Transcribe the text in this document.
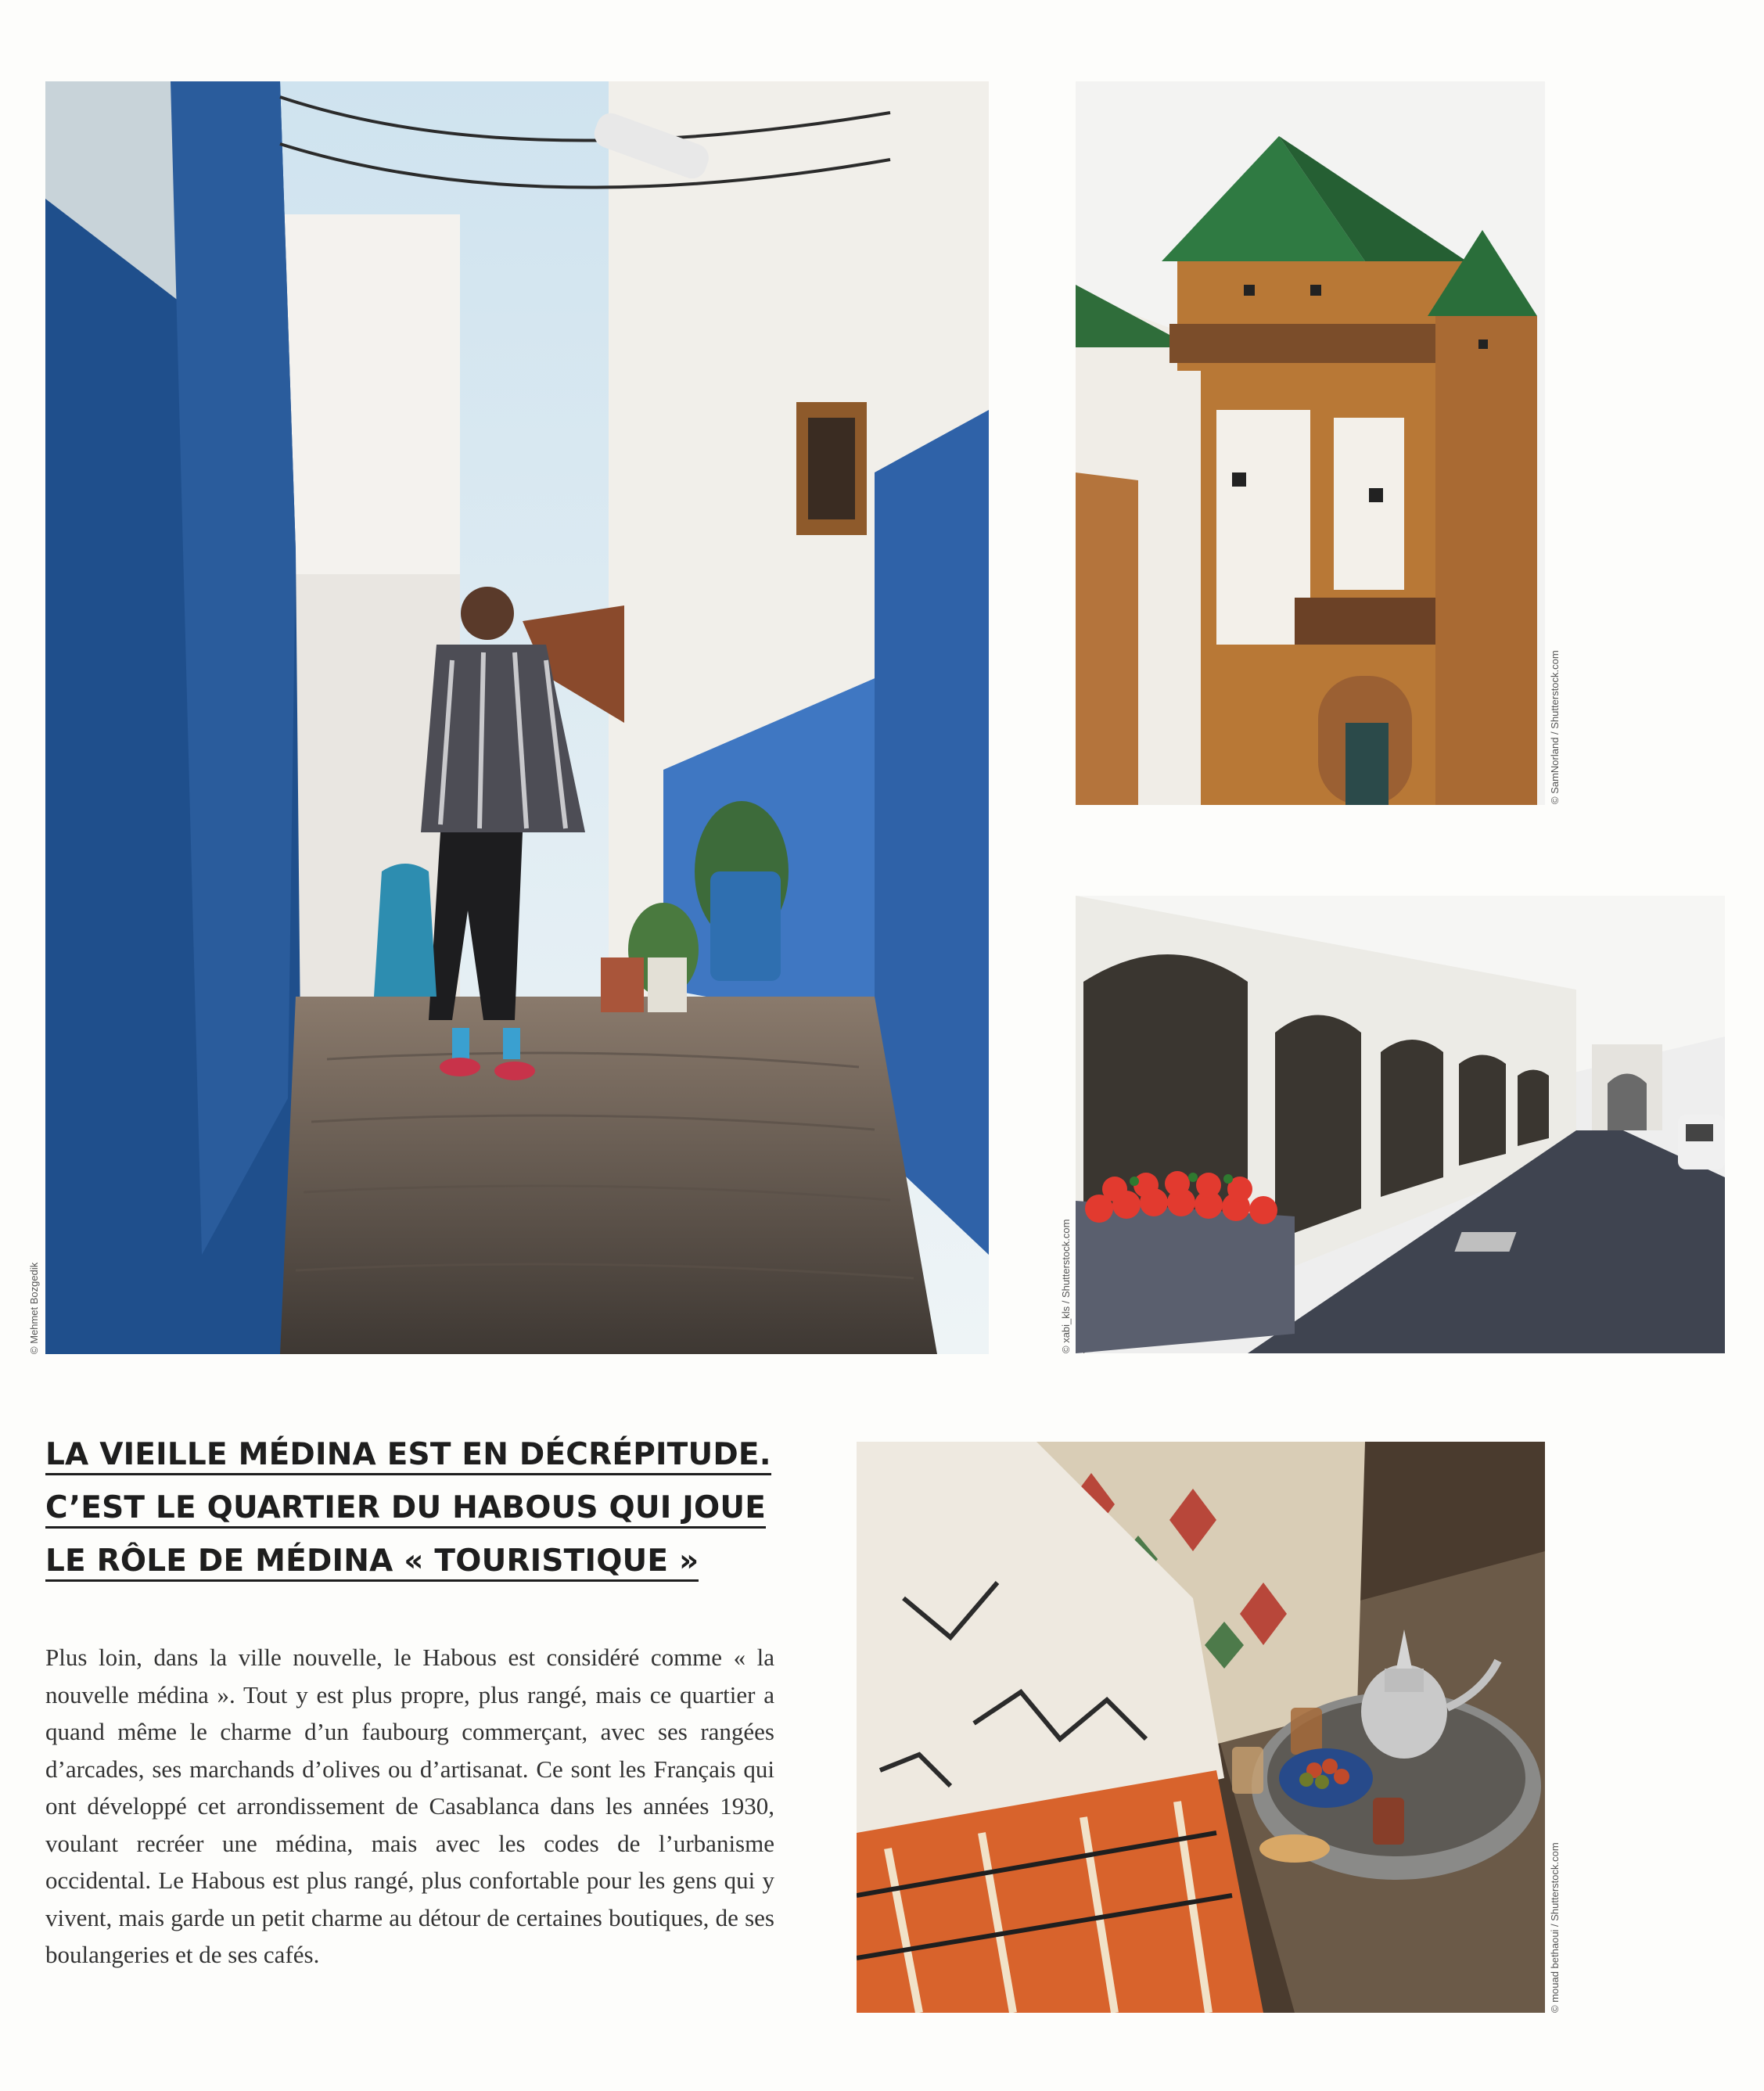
© Mehmet Bozgedik
© SamNorland / Shutterstock.com
© xabi_kls / Shutterstock.com
LA VIEILLE MÉDINA EST EN DÉCRÉPITUDE.
C’EST LE QUARTIER DU HABOUS QUI JOUE
LE RÔLE DE MÉDINA « TOURISTIQUE »

Plus loin, dans la ville nouvelle, le Habous est considéré comme « la nouvelle médina ». Tout y est plus propre, plus rangé, mais ce quartier a quand même le charme d’un faubourg commerçant, avec ses rangées d’arcades, ses marchands d’olives ou d’artisanat. Ce sont les Français qui ont développé cet arrondissement de Casablanca dans les années 1930, voulant recréer une médina, mais avec les codes de l’urbanisme occidental. Le Habous est plus rangé, plus confortable pour les gens qui y vivent, mais garde un petit charme au détour de certaines boutiques, de ses boulangeries et de ses cafés.	© mouad bethaoui / Shutterstock.com
